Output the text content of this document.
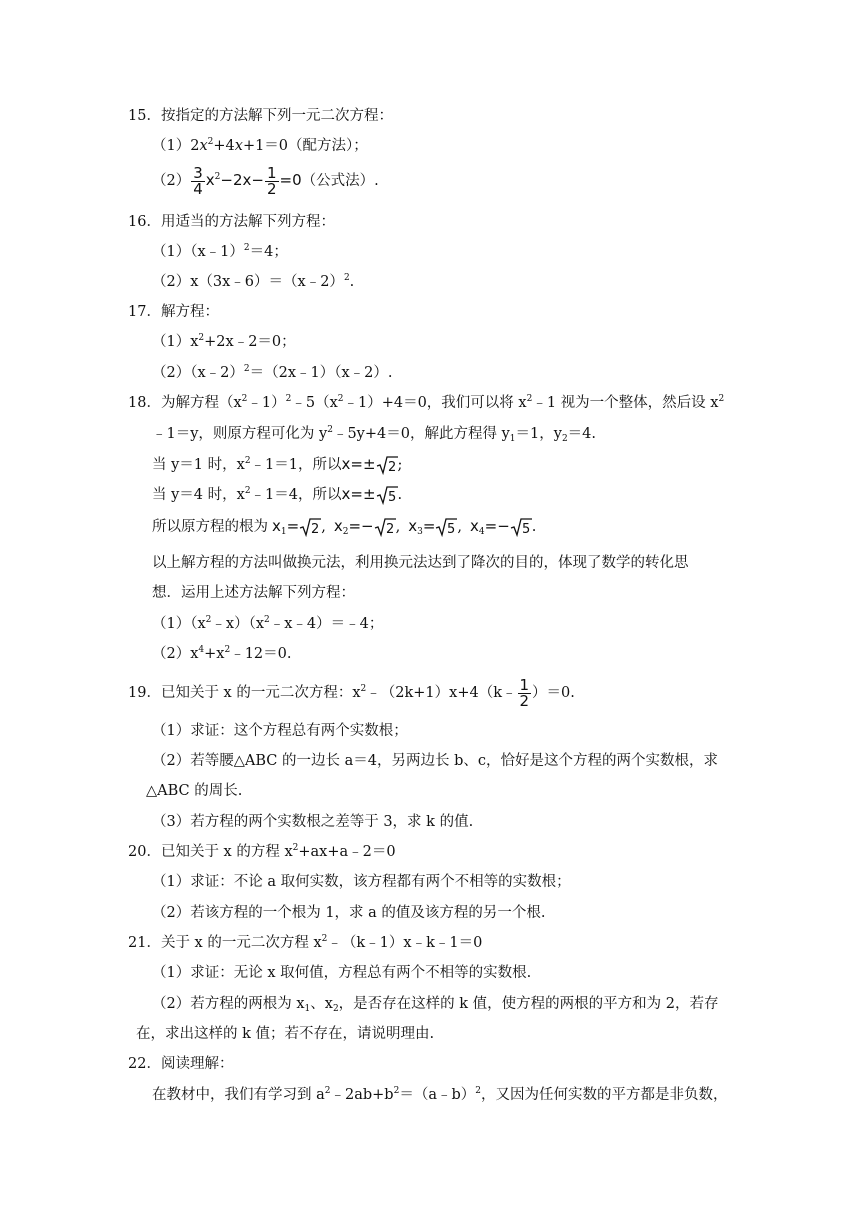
15．按指定的方法解下列一元二次方程：
$(1)2x^2+4x+1=0$（配方法）；
$(2) \frac{3}{4} x^2-2x- \frac{1}{2} =0$（公式法）.
16．用适当的方法解下列方程：
（1）（x﹣1）$^2$＝4；
（2）x（3x﹣6）＝（x﹣2）$^2$.
17．解方程：
$(1)x^2+2x﹣2=0$；
（2）（x﹣2）$^2$＝（2x﹣1）（x﹣2）.
18．为解方程$(x^2﹣1)^2﹣5(x^2﹣1)+4=0$，我们可以将 $x^2﹣1$ 视为一个整体，然后设 $x^2$
﹣1＝y，则原方程可化为 $y^2﹣5y+4=0$，解此方程得 $y_1=1$，$y_2=4$.
当 y＝1 时，$x^2﹣1=1$，所以x=± 2 ;
当 y＝4 时，$x^2﹣1=4$，所以x=± 5 .
所以原方程的根为 $x_1= 2$ , $x_2=- 2$ , $x_3= 5$ , $x_4=- 5$ .
以上解方程的方法叫做换元法，利用换元法达到了降次的目的，体现了数学的转化思
想．运用上述方法解下列方程：
$(1)(x^2﹣x)(x^2﹣x﹣4)=﹣4$；
$(2)x^4+x^2﹣12=0$.
19．已知关于 x 的一元二次方程：$x^2﹣(2k+1)x+4(k﹣ \frac{1}{2} )=0$.
（1）求证：这个方程总有两个实数根；
（2）若等腰△ABC 的一边长 a＝4，另两边长 b、c，恰好是这个方程的两个实数根，求
△ABC 的周长.
（3）若方程的两个实数根之差等于 3，求 k 的值.
20．已知关于 x 的方程 $x^2+ax+a﹣2=0$
（1）求证：不论 a 取何实数，该方程都有两个不相等的实数根；
（2）若该方程的一个根为 1，求 a 的值及该方程的另一个根.
21．关于 x 的一元二次方程 $x^2﹣(k﹣1)x﹣k﹣1=0$
（1）求证：无论 x 取何值，方程总有两个不相等的实数根.
（2）若方程的两根为 $x_1$、$x_2$，是否存在这样的 k 值，使方程的两根的平方和为 2，若存
在，求出这样的 k 值；若不存在，请说明理由.
22．阅读理解：
在教材中，我们有学习到 $a^2﹣2ab+b^2=(a﹣b)^2$，又因为任何实数的平方都是非负数，
